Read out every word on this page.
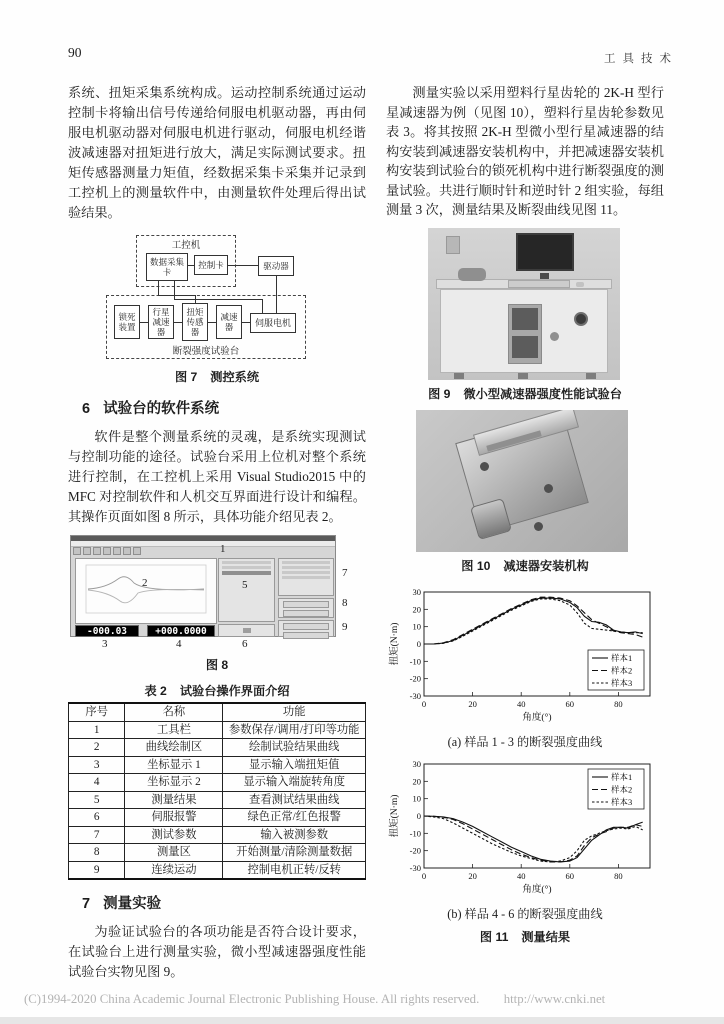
90	工具技术
系统、扭矩采集系统构成。运动控制系统通过运动控制卡将输出信号传递给伺服电机驱动器，再由伺服电机驱动器对伺服电机进行驱动，伺服电机经谐波减速器对扭矩进行放大，满足实际测试要求。扭矩传感器测量力矩值，经数据采集卡采集并记录到工控机上的测量软件中，由测量软件处理后得出试验结果。
工控机
数据采集卡
控制卡	驱动器
断裂强度试验台
锁死装置
行星减速器
扭矩传感器
减速器	伺服电机
图 7 测控系统
6 试验台的软件系统
软件是整个测量系统的灵魂，是系统实现测试与控制功能的途径。试验台采用上位机对整个系统进行控制，在工控机上采用 Visual Studio2015 中的MFC 对控制软件和人机交互界面进行设计和编程。其操作页面如图 8 所示，具体功能介绍见表 2。
-000.03	+000.0000
1
2	5
7
8
9
3	4	6
图 8
表 2 试验台操作界面介绍
序号	名称	功能
1	工具栏	参数保存/调用/打印等功能
2	曲线绘制区	绘制试验结果曲线
3	坐标显示 1	显示输入端扭矩值
4	坐标显示 2	显示输入端旋转角度
5	测量结果	查看测试结果曲线
6	伺服报警	绿色正常/红色报警
7	测试参数	输入被测参数
8	测量区	开始测量/清除测量数据
9	连续运动	控制电机正转/反转
7 测量实验
为验证试验台的各项功能是否符合设计要求，在试验台上进行测量实验，微小型减速器强度性能试验台实物见图 9。
测量实验以采用塑料行星齿轮的 2K-H 型行星减速器为例（见图 10），塑料行星齿轮参数见表 3。将其按照 2K-H 型微小型行星减速器的结构安装到减速器安装机构中，并把减速器安装机构安装到试验台的锁死机构中进行断裂强度的测量试验。共进行顺时针和逆时针 2 组实验，每组测量 3 次，测量结果及断裂曲线见图 11。
图 9 微小型减速器强度性能试验台
图 10 减速器安装机构
-30
-20
-10
0
10
20
30
0	20	40	60	80
角度(°)
扭矩(N·m)	样本1
样本2
样本3
(a) 样品 1 - 3 的断裂强度曲线
-30
-20
-10
0
10
20
30
0	20	40	60	80
角度(°)
扭矩(N·m)
样本1
样本2
样本3
(b) 样品 4 - 6 的断裂强度曲线
图 11 测量结果
(C)1994-2020 China Academic Journal Electronic Publishing House. All rights reserved. http://www.cnki.net
